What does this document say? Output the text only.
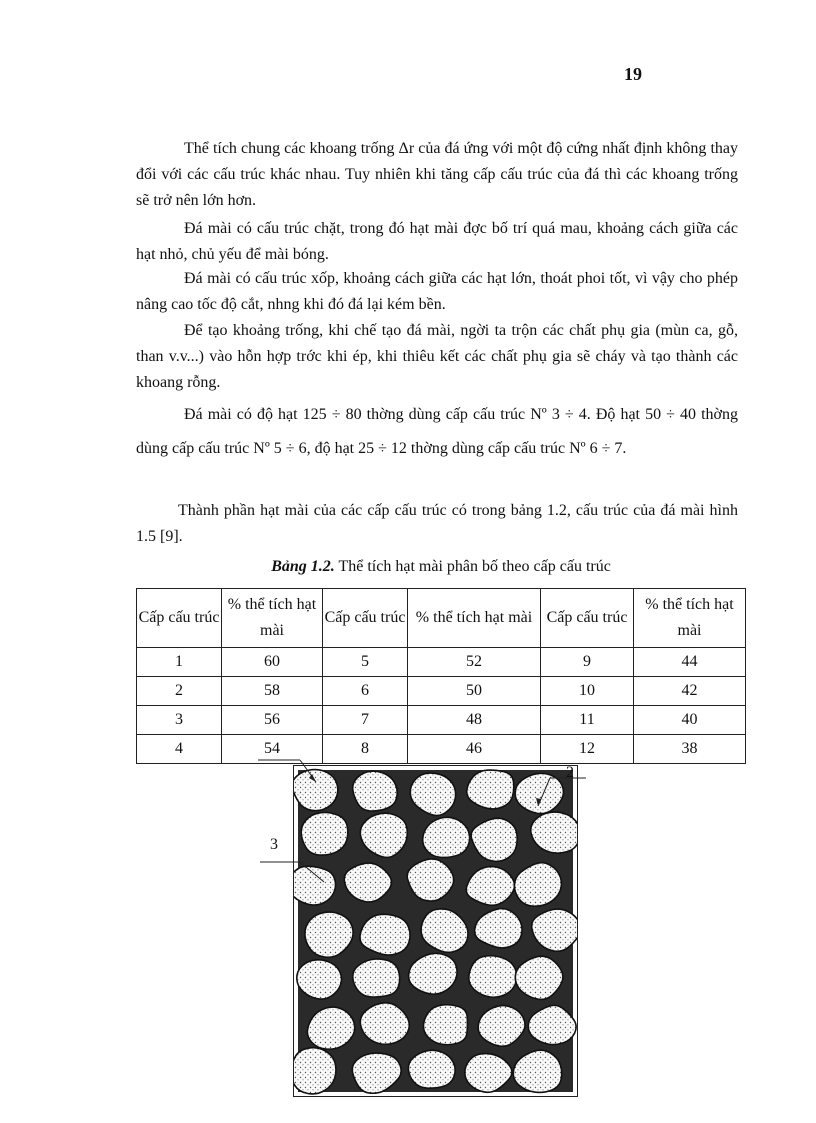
19

Thể tích chung các khoang trống Δr của đá ứng với một độ cứng nhất định không thay đổi với các cấu trúc khác nhau. Tuy nhiên khi tăng cấp cấu trúc của đá thì các khoang trống sẽ trở nên lớn hơn.

Đá mài có cấu trúc chặt, trong đó hạt mài đợc bố trí quá mau, khoảng cách giữa các hạt nhỏ, chủ yếu để mài bóng.

Đá mài có cấu trúc xốp, khoảng cách giữa các hạt lớn, thoát phoi tốt, vì vậy cho phép nâng cao tốc độ cắt, nhng khi đó đá lại kém bền.

Để tạo khoảng trống, khi chế tạo đá mài, ngời ta trộn các chất phụ gia (mùn ca, gỗ, than v.v...) vào hỗn hợp trớc khi ép, khi thiêu kết các chất phụ gia sẽ cháy và tạo thành các khoang rỗng.

Đá mài có độ hạt 125 ÷ 80 thờng dùng cấp cấu trúc Nº 3 ÷ 4. Độ hạt 50 ÷ 40 thờng dùng cấp cấu trúc Nº 5 ÷ 6, độ hạt 25 ÷ 12 thờng dùng cấp cấu trúc Nº 6 ÷ 7.

Thành phần hạt mài của các cấp cấu trúc có trong bảng 1.2, cấu trúc của đá mài hình 1.5 [9].

Bảng 1.2. Thể tích hạt mài phân bố theo cấp cấu trúc
Cấp cấu trúc	% thể tích hạt mài	Cấp cấu trúc	% thể tích hạt mài	Cấp cấu trúc	% thể tích hạt mài
1	60	5	52	9	44
2	58	6	50	10	42
3	56	7	48	11	40
4	54	8	46	12	38
2
3
